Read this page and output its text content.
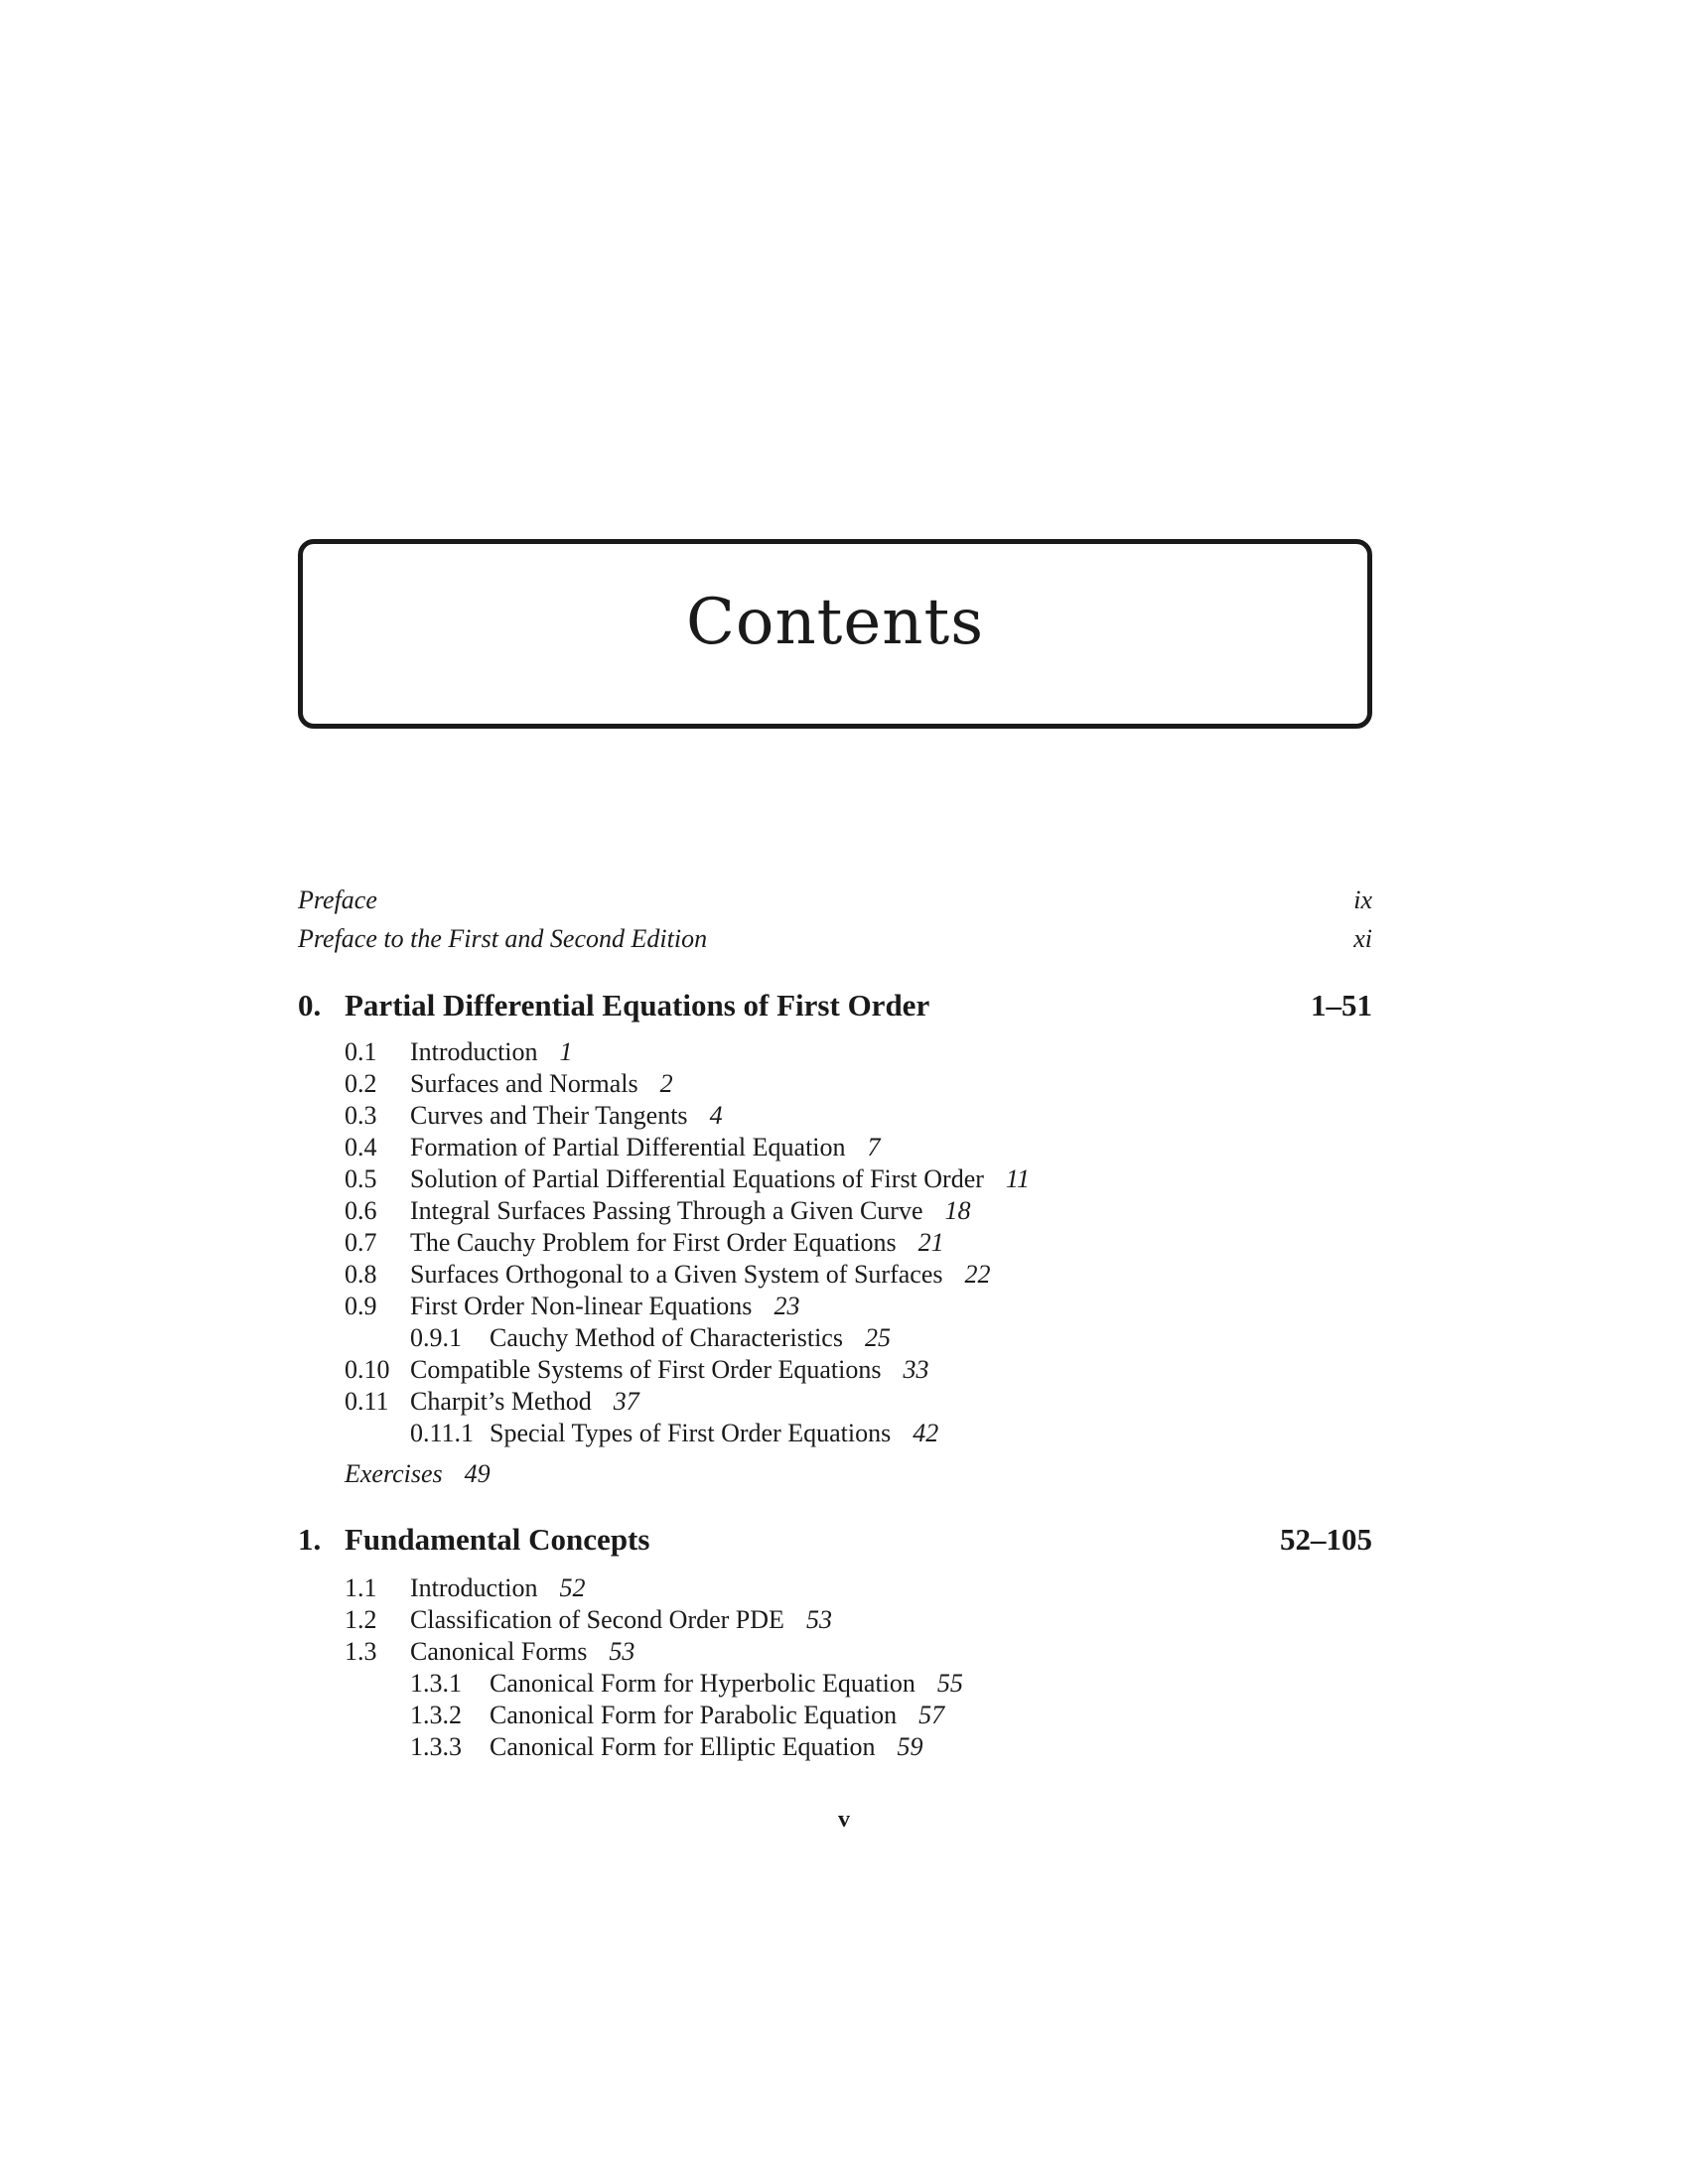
Contents
Preface	ix
Preface to the First and Second Edition	xi
0. Partial Differential Equations of First Order	1–51
0.1 Introduction 1
0.2 Surfaces and Normals 2
0.3 Curves and Their Tangents 4
0.4 Formation of Partial Differential Equation 7
0.5 Solution of Partial Differential Equations of First Order 11
0.6 Integral Surfaces Passing Through a Given Curve 18
0.7 The Cauchy Problem for First Order Equations 21
0.8 Surfaces Orthogonal to a Given System of Surfaces 22
0.9 First Order Non-linear Equations 23
0.9.1 Cauchy Method of Characteristics 25
0.10 Compatible Systems of First Order Equations 33
0.11 Charpit’s Method 37
0.11.1 Special Types of First Order Equations 42
Exercises 49
1. Fundamental Concepts	52–105
1.1 Introduction 52
1.2 Classification of Second Order PDE 53
1.3 Canonical Forms 53
1.3.1 Canonical Form for Hyperbolic Equation 55
1.3.2 Canonical Form for Parabolic Equation 57
1.3.3 Canonical Form for Elliptic Equation 59
v
